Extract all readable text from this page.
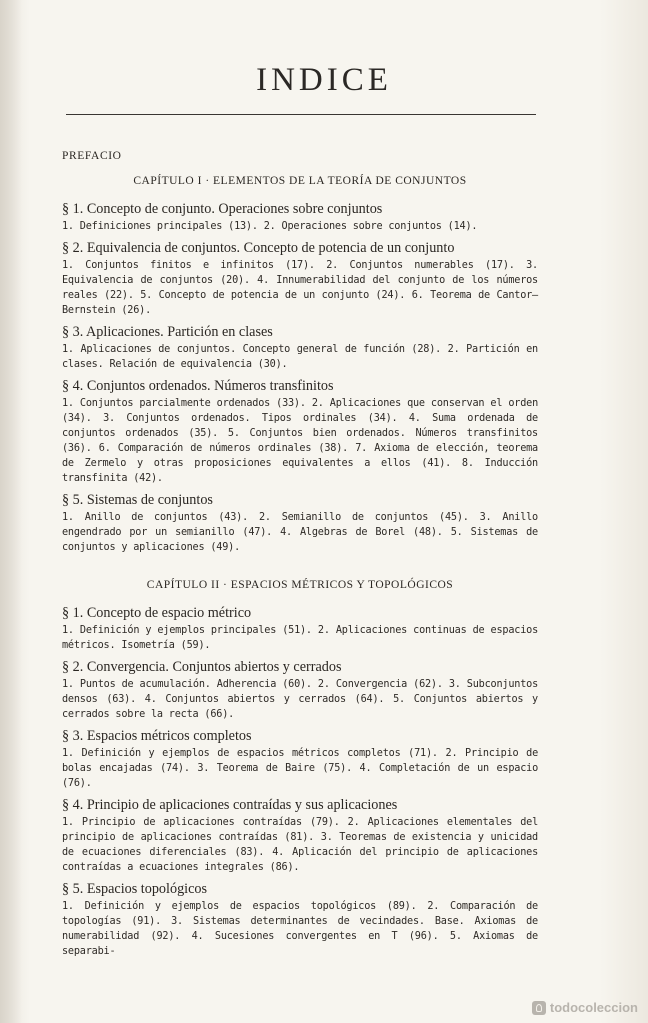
INDICE
PREFACIO
CAPÍTULO I · ELEMENTOS DE LA TEORÍA DE CONJUNTOS
§ 1. Concepto de conjunto. Operaciones sobre conjuntos

1. Definiciones principales (13). 2. Operaciones sobre conjuntos (14).

§ 2. Equivalencia de conjuntos. Concepto de potencia de un conjunto

1. Conjuntos finitos e infinitos (17). 2. Conjuntos numerables (17). 3. Equivalencia de conjuntos (20). 4. Innumerabilidad del conjunto de los números reales (22). 5. Concepto de potencia de un conjunto (24). 6. Teorema de Cantor—Bernstein (26).

§ 3. Aplicaciones. Partición en clases

1. Aplicaciones de conjuntos. Concepto general de función (28). 2. Partición en clases. Relación de equivalencia (30).

§ 4. Conjuntos ordenados. Números transfinitos

1. Conjuntos parcialmente ordenados (33). 2. Aplicaciones que conservan el orden (34). 3. Conjuntos ordenados. Tipos ordinales (34). 4. Suma ordenada de conjuntos ordenados (35). 5. Conjuntos bien ordenados. Números transfinitos (36). 6. Comparación de números ordinales (38). 7. Axioma de elección, teorema de Zermelo y otras proposiciones equivalentes a ellos (41). 8. Inducción transfinita (42).

§ 5. Sistemas de conjuntos

1. Anillo de conjuntos (43). 2. Semianillo de conjuntos (45). 3. Anillo engendrado por un semianillo (47). 4. Algebras de Borel (48). 5. Sistemas de conjuntos y aplicaciones (49).

CAPÍTULO II · ESPACIOS MÉTRICOS Y TOPOLÓGICOS
§ 1. Concepto de espacio métrico

1. Definición y ejemplos principales (51). 2. Aplicaciones continuas de espacios métricos. Isometría (59).

§ 2. Convergencia. Conjuntos abiertos y cerrados

1. Puntos de acumulación. Adherencia (60). 2. Convergencia (62). 3. Subconjuntos densos (63). 4. Conjuntos abiertos y cerrados (64). 5. Conjuntos abiertos y cerrados sobre la recta (66).

§ 3. Espacios métricos completos

1. Definición y ejemplos de espacios métricos completos (71). 2. Principio de bolas encajadas (74). 3. Teorema de Baire (75). 4. Completación de un espacio (76).

§ 4. Principio de aplicaciones contraídas y sus aplicaciones

1. Principio de aplicaciones contraídas (79). 2. Aplicaciones elementales del principio de aplicaciones contraídas (81). 3. Teoremas de existencia y unicidad de ecuaciones diferenciales (83). 4. Aplicación del principio de aplicaciones contraídas a ecuaciones integrales (86).

§ 5. Espacios topológicos

1. Definición y ejemplos de espacios topológicos (89). 2. Comparación de topologías (91). 3. Sistemas determinantes de vecindades. Base. Axiomas de numerabilidad (92). 4. Sucesiones convergentes en T (96). 5. Axiomas de separabi-

todocoleccion
